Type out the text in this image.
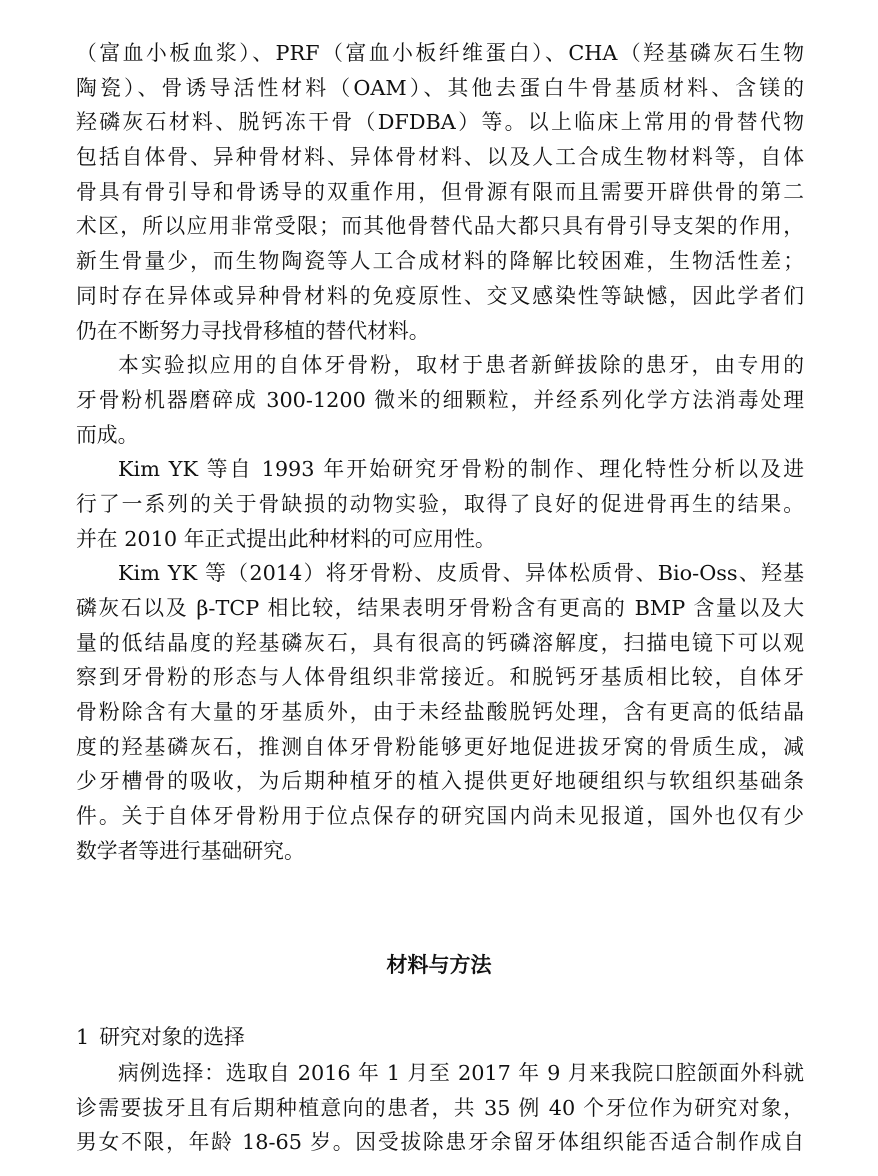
（富血小板血浆）、PRF（富血小板纤维蛋白）、CHA（羟基磷灰石生物
陶瓷）、骨诱导活性材料（OAM）、其他去蛋白牛骨基质材料、含镁的
羟磷灰石材料、脱钙冻干骨（DFDBA）等。以上临床上常用的骨替代物
包括自体骨、异种骨材料、异体骨材料、以及人工合成生物材料等，自体
骨具有骨引导和骨诱导的双重作用，但骨源有限而且需要开辟供骨的第二
术区，所以应用非常受限；而其他骨替代品大都只具有骨引导支架的作用，
新生骨量少，而生物陶瓷等人工合成材料的降解比较困难，生物活性差；
同时存在异体或异种骨材料的免疫原性、交叉感染性等缺憾，因此学者们
仍在不断努力寻找骨移植的替代材料。
本实验拟应用的自体牙骨粉，取材于患者新鲜拔除的患牙，由专用的
牙骨粉机器磨碎成 300-1200 微米的细颗粒，并经系列化学方法消毒处理
而成。
Kim YK 等自 1993 年开始研究牙骨粉的制作、理化特性分析以及进
行了一系列的关于骨缺损的动物实验，取得了良好的促进骨再生的结果。
并在 2010 年正式提出此种材料的可应用性。
Kim YK 等（2014）将牙骨粉、皮质骨、异体松质骨、Bio-Oss、羟基
磷灰石以及 β-TCP 相比较，结果表明牙骨粉含有更高的 BMP 含量以及大
量的低结晶度的羟基磷灰石，具有很高的钙磷溶解度，扫描电镜下可以观
察到牙骨粉的形态与人体骨组织非常接近。和脱钙牙基质相比较，自体牙
骨粉除含有大量的牙基质外，由于未经盐酸脱钙处理，含有更高的低结晶
度的羟基磷灰石，推测自体牙骨粉能够更好地促进拔牙窝的骨质生成，减
少牙槽骨的吸收，为后期种植牙的植入提供更好地硬组织与软组织基础条
件。关于自体牙骨粉用于位点保存的研究国内尚未见报道，国外也仅有少
数学者等进行基础研究。
材料与方法
1 研究对象的选择
病例选择：选取自 2016 年 1 月至 2017 年 9 月来我院口腔颌面外科就
诊需要拔牙且有后期种植意向的患者，共 35 例 40 个牙位作为研究对象，
男女不限，年龄 18-65 岁。因受拔除患牙余留牙体组织能否适合制作成自
